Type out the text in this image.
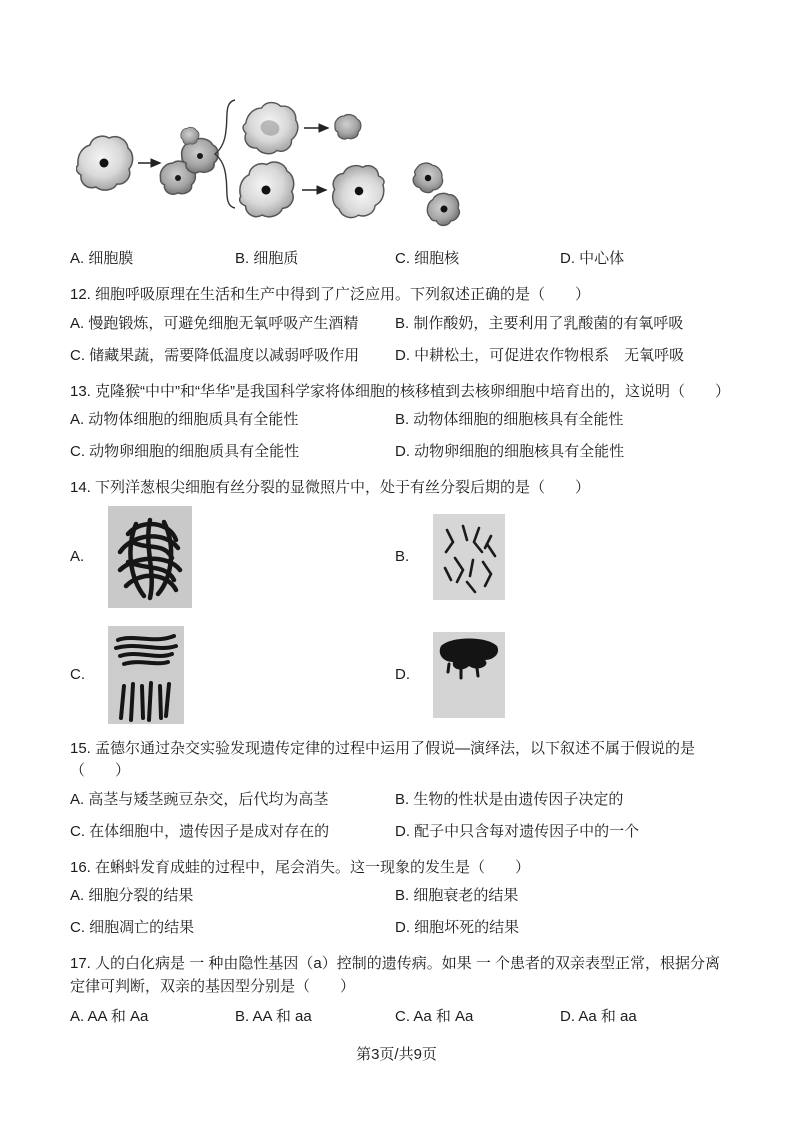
A. 细胞膜	B. 细胞质	C. 细胞核	D. 中心体
12. 细胞呼吸原理在生活和生产中得到了广泛应用。下列叙述正确的是（　　）
A. 慢跑锻炼，可避免细胞无氧呼吸产生酒精	B. 制作酸奶，主要利用了乳酸菌的有氧呼吸
C. 储藏果蔬，需要降低温度以减弱呼吸作用	D. 中耕松土，可促进农作物根系　无氧呼吸
13. 克隆猴“中中”和“华华”是我国科学家将体细胞的核移植到去核卵细胞中培育出的，这说明（　　）
A. 动物体细胞的细胞质具有全能性	B. 动物体细胞的细胞核具有全能性
C. 动物卵细胞的细胞质具有全能性	D. 动物卵细胞的细胞核具有全能性
14. 下列洋葱根尖细胞有丝分裂的显微照片中，处于有丝分裂后期的是（　　）
A.	B.
C.	D.
15. 孟德尔通过杂交实验发现遗传定律的过程中运用了假说—演绎法，以下叙述不属于假说的是（　　）
A. 高茎与矮茎豌豆杂交，后代均为高茎	B. 生物的性状是由遗传因子决定的
C. 在体细胞中，遗传因子是成对存在的	D. 配子中只含每对遗传因子中的一个
16. 在蝌蚪发育成蛙的过程中，尾会消失。这一现象的发生是（　　）
A. 细胞分裂的结果	B. 细胞衰老的结果
C. 细胞凋亡的结果	D. 细胞坏死的结果
17. 人的白化病是 一 种由隐性基因（a）控制的遗传病。如果 一 个患者的双亲表型正常，根据分离定律可判断，双亲的基因型分别是（　　）
A. AA 和 Aa	B. AA 和 aa	C. Aa 和 Aa	D. Aa 和 aa
第3页/共9页
